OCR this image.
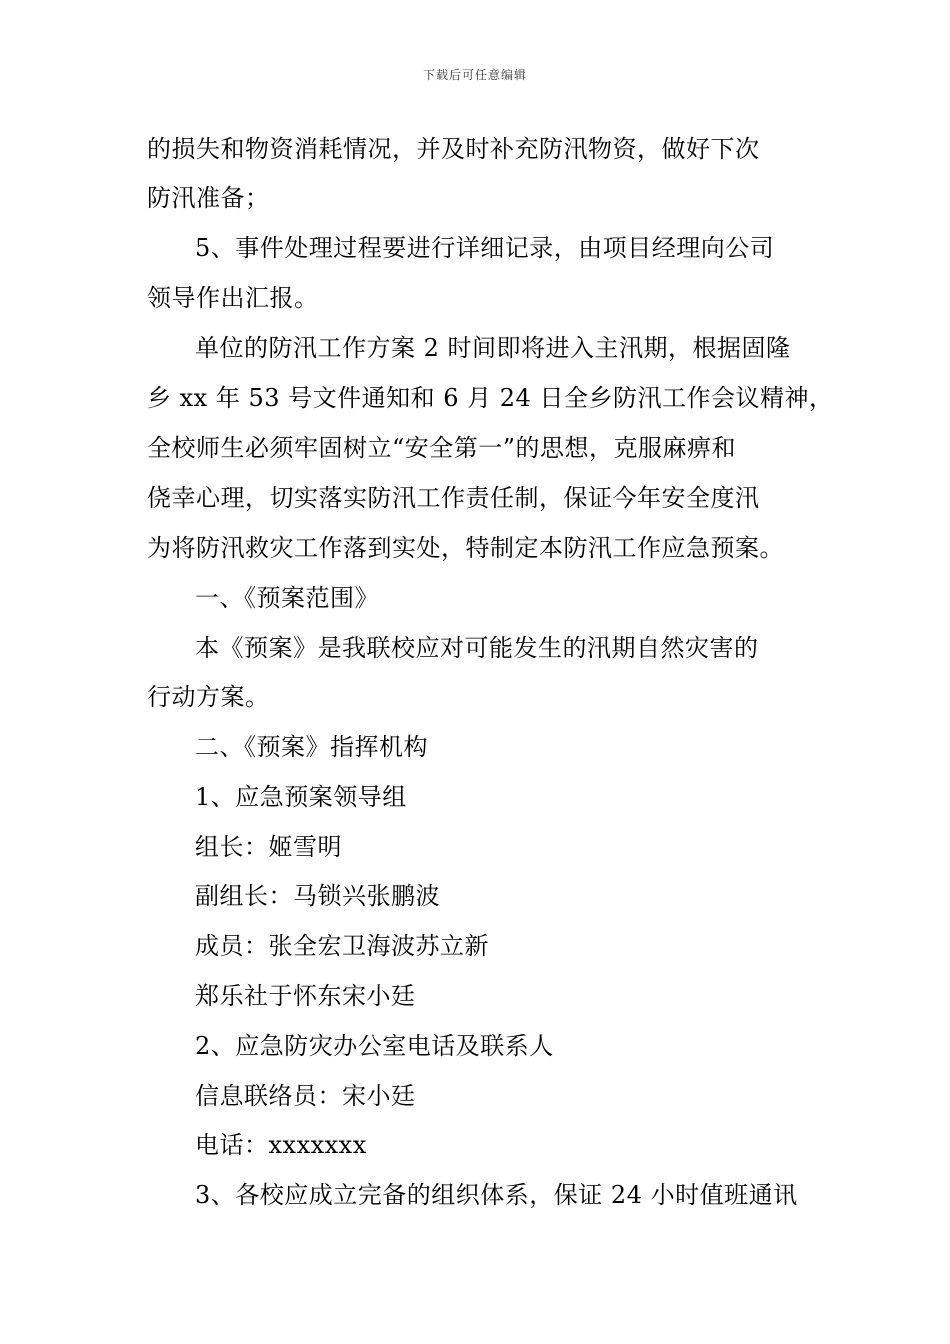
下载后可任意编辑
的损失和物资消耗情况，并及时补充防汛物资，做好下次
防汛准备；
5、事件处理过程要进行详细记录，由项目经理向公司
领导作出汇报。
单位的防汛工作方案 2 时间即将进入主汛期，根据固隆
乡 xx 年 53 号文件通知和 6 月 24 日全乡防汛工作会议精神，
全校师生必须牢固树立“安全第一”的思想，克服麻痹和
侥幸心理，切实落实防汛工作责任制，保证今年安全度汛
为将防汛救灾工作落到实处，特制定本防汛工作应急预案。
一、《预案范围》
本《预案》是我联校应对可能发生的汛期自然灾害的
行动方案。
二、《预案》指挥机构
1、应急预案领导组
组长：姬雪明
副组长：马锁兴张鹏波
成员：张全宏卫海波苏立新
郑乐社于怀东宋小廷
2、应急防灾办公室电话及联系人
信息联络员：宋小廷
电话：xxxxxxx
3、各校应成立完备的组织体系，保证 24 小时值班通讯
